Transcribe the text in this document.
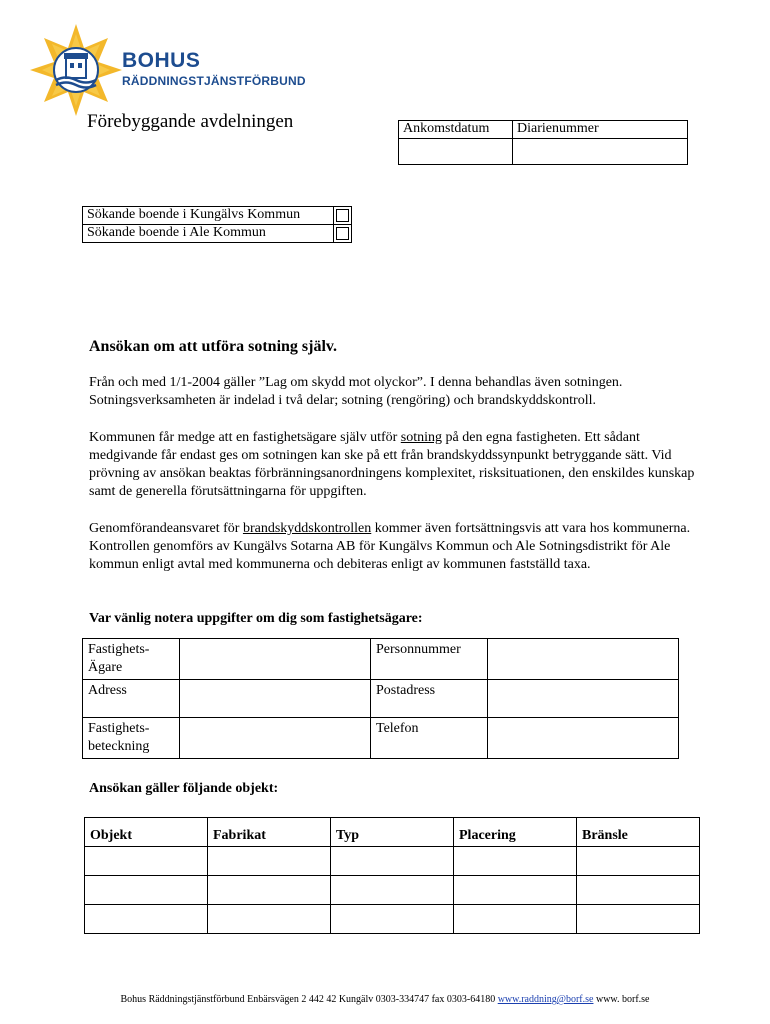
BOHUS
RÄDDNINGSTJÄNSTFÖRBUND
Förebyggande avdelningen	Ankomstdatum	Diarienummer

Sökande boende i Kungälvs Kommun	
Sökande boende i Ale Kommun	
Ansökan om att utföra sotning själv.
Från och med 1/1-2004 gäller ”Lag om skydd mot olyckor”. I denna behandlas även sotningen. Sotningsverksamheten är indelad i två delar; sotning (rengöring) och brandskyddskontroll.
Kommunen får medge att en fastighetsägare själv utför sotning på den egna fastigheten. Ett sådant medgivande får endast ges om sotningen kan ske på ett från brandskyddssynpunkt betryggande sätt. Vid prövning av ansökan beaktas förbränningsanordningens komplexitet, risksituationen, den enskildes kunskap samt de generella förutsättningarna för uppgiften.
Genomförandeansvaret för brandskyddskontrollen kommer även fortsättningsvis att vara hos kommunerna. Kontrollen genomförs av Kungälvs Sotarna AB för Kungälvs Kommun och Ale Sotningsdistrikt för Ale kommun enligt avtal med kommunerna och debiteras enligt av kommunen fastställd taxa.
Var vänlig notera uppgifter om dig som fastighetsägare:
Fastighets-
Ägare		Personnummer	
Adress		Postadress	
Fastighets-
beteckning		Telefon	
Ansökan gäller följande objekt:
Objekt	Fabrikat	Typ	Placering	Bränsle

Bohus Räddningstjänstförbund Enbärsvägen 2 442 42 Kungälv 0303-334747 fax 0303-64180 www.raddning@borf.se www. borf.se
